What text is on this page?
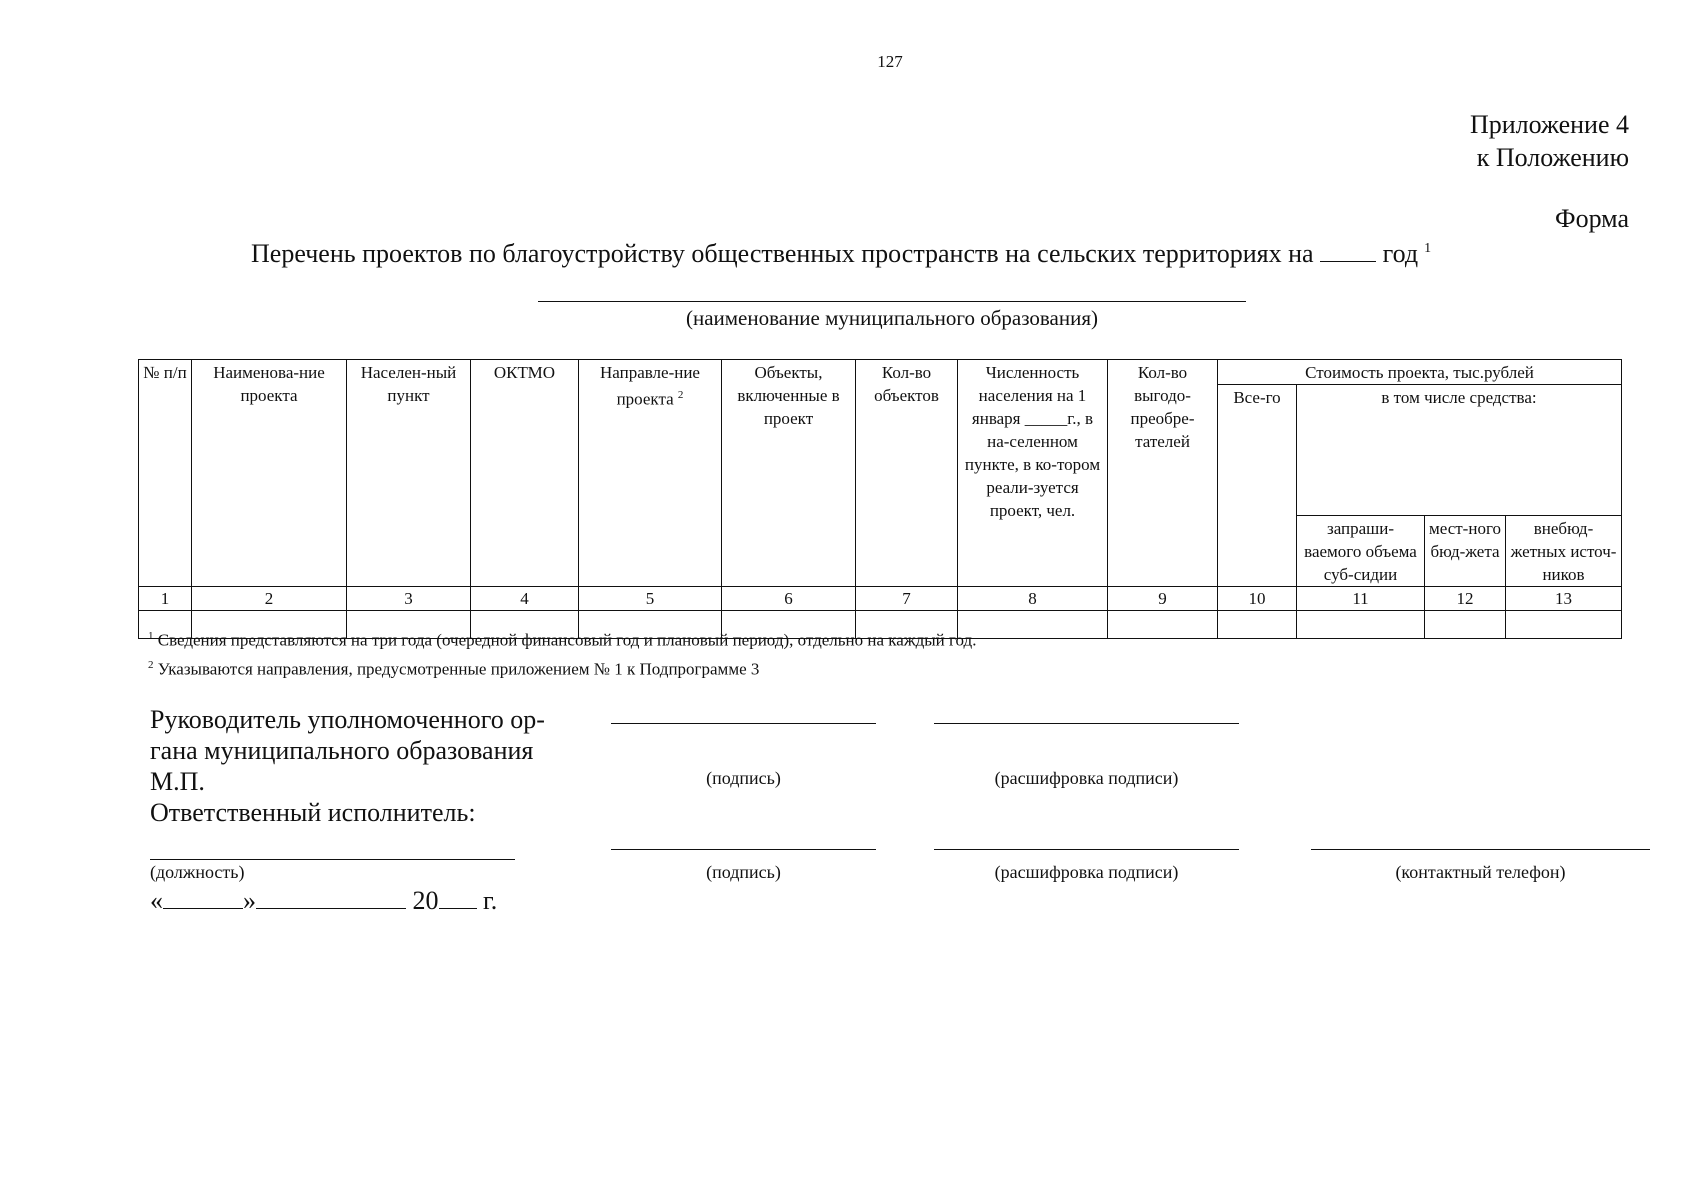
127
Приложение 4
к Положению
Форма
Перечень проектов по благоустройству общественных пространств на сельских территориях на	год $^1$
(наименование муниципального образования)
№ п/п	Наименова-ние проекта	Населен-ный пункт	ОКТМО	Направле-ние проекта $^2$	Объекты, включенные в проект	Кол-во объектов	Численность населения на 1 января _____г., в на-селенном пункте, в ко-тором реали-зуется проект, чел.	Кол-во выгодо-преобре-тателей	Стоимость проекта, тыс.рублей			
									Все-го	в том числе средства:		
										запраши-ваемого объема суб-сидии	мест-ного бюд-жета	внебюд-жетных источ-ников
1	2	3	4	5	6	7	8	9	10	11	12	13

$^1$ Сведения представляются на три года (очередной финансовый год и плановый период), отдельно на каждый год.
$^2$ Указываются направления, предусмотренные приложением № 1 к Подпрограмме 3
Руководитель уполномоченного ор-
гана муниципального образования
М.П.
Ответственный исполнитель:
(подпись)	(расшифровка подписи)
(должность)	(подпись)	(расшифровка подписи)	(контактный телефон)
«	»	20 г.
